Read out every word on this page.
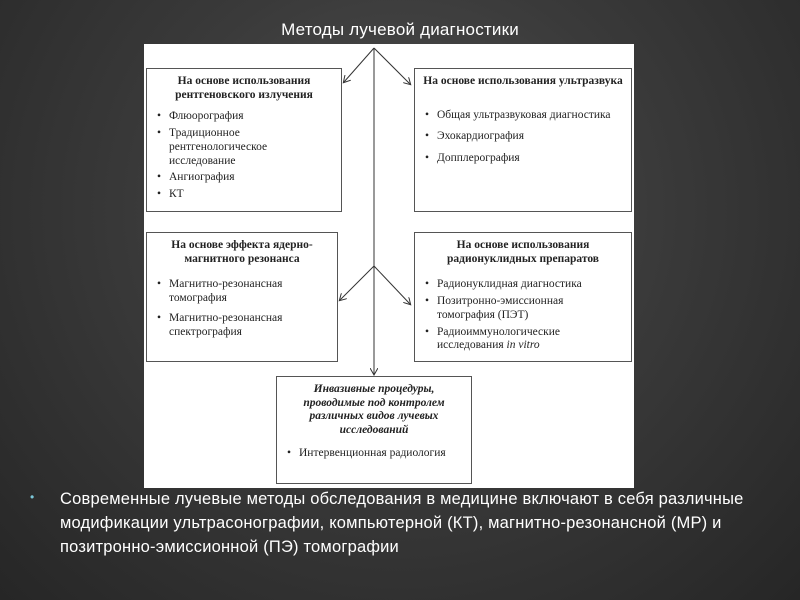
Методы лучевой диагностики
На основе использования рентгеновского излучения
• Флюорография
• Традиционное рентгенологическое исследование
• Ангиография
• КТ
На основе использования ультразвука
• Общая ультразвуковая диагностика
• Эхокардиография
• Допплерография
На основе эффекта ядерно-магнитного резонанса
• Магнитно-резонансная томография
• Магнитно-резонансная спектрография
На основе использования радионуклидных препаратов
• Радионуклидная диагностика
• Позитронно-эмиссионная томография (ПЭТ)
• Радиоиммунологические исследования in vitro
Инвазивные процедуры, проводимые под контролем различных видов лучевых исследований
• Интервенционная радиология
• Современные лучевые методы обследования в медицине включают в себя различные модификации ультрасонографии, компьютерной (КТ), магнитно-резонансной (МР) и позитронно-эмиссионной (ПЭ) томографии
